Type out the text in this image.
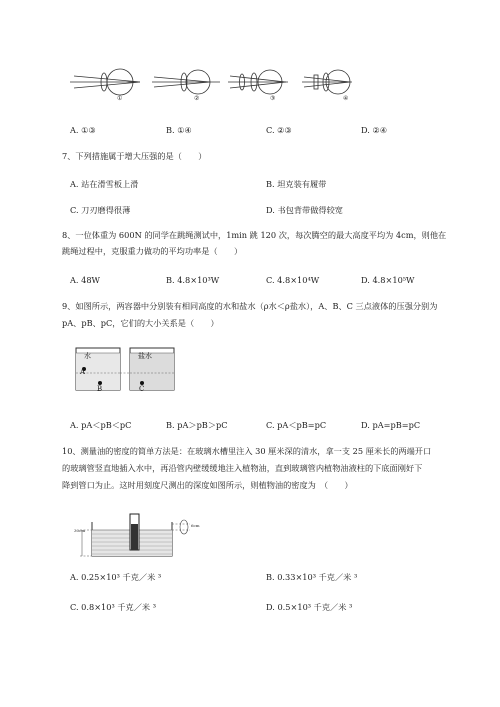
①	②	③	④
A. ①③	B. ①④	C. ②③	D. ②④
7、下列措施属于增大压强的是（　　）
A. 站在滑雪板上滑	B. 坦克装有履带
C. 刀刃磨得很薄	D. 书包背带做得较宽
8、一位体重为 600N 的同学在跳绳测试中，1min 跳 120 次，每次腾空的最大高度平均为 4cm，则他在
跳绳过程中，克服重力做功的平均功率是（　　）
A. 48W	B. 4.8×10³W	C. 4.8×10⁴W	D. 4.8×10⁵W
9、如图所示，两容器中分别装有相同高度的水和盐水（ρ水＜ρ盐水），A、B、C 三点液体的压强分别为
pA、pB、pC，它们的大小关系是（　　）
水	盐水
A
B	C
A. pA＜pB＜pC	B. pA＞pB＞pC	C. pA＜pB=pC	D. pA=pB=pC
10、测量油的密度的简单方法是：在玻璃水槽里注入 30 厘米深的清水，拿一支 25 厘米长的两端开口
的玻璃管竖直地插入水中，再沿管内壁缓缓地注入植物油，直到玻璃管内植物油液柱的下底面刚好下
降到管口为止。这时用刻度尺测出的深度如图所示，则植物油的密度为　（　　）
30cm
6cm
A. 0.25×10³ 千克／米 ³	B. 0.33×10³ 千克／米 ³
C. 0.8×10³ 千克／米 ³	D. 0.5×10³ 千克／米 ³
